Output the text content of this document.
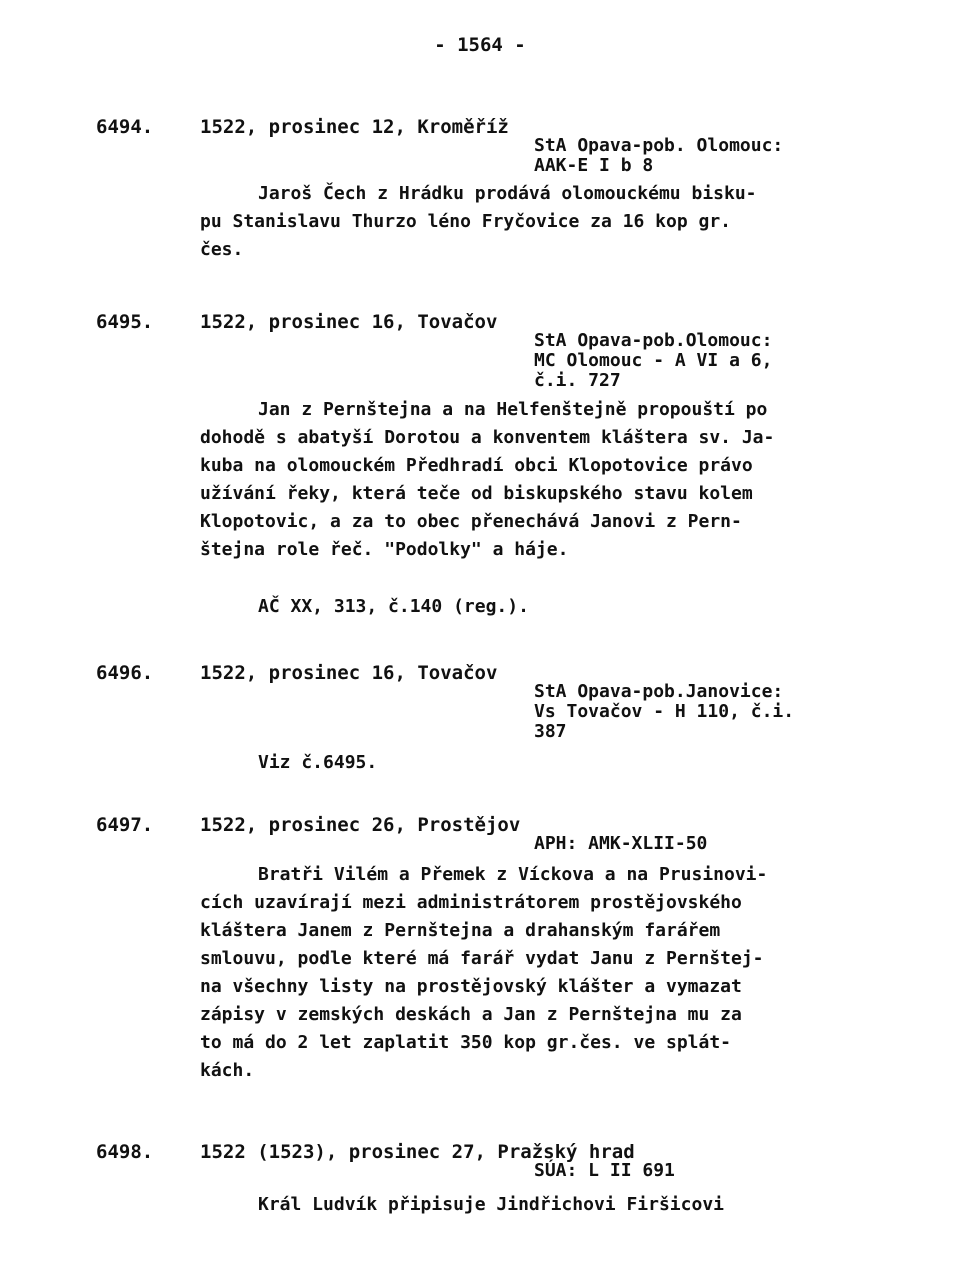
- 1564 -
6494. 1522, prosinec 12, Kroměříž
StA Opava-pob. Olomouc:
AAK-E I b 8
Jaroš Čech z Hrádku prodává olomouckému bisku-
pu Stanislavu Thurzo léno Fryčovice za 16 kop gr.
čes.
6495. 1522, prosinec 16, Tovačov
StA Opava-pob.Olomouc:
MC Olomouc - A VI a 6,
č.i. 727
Jan z Pernštejna a na Helfenštejně propouští po
dohodě s abatyší Dorotou a konventem kláštera sv. Ja-
kuba na olomouckém Předhradí obci Klopotovice právo
užívání řeky, která teče od biskupského stavu kolem
Klopotovic, a za to obec přenechává Janovi z Pern-
štejna role řeč. "Podolky" a háje.
AČ XX, 313, č.140 (reg.).
6496. 1522, prosinec 16, Tovačov
StA Opava-pob.Janovice:
Vs Tovačov - H 110, č.i.
387
Viz č.6495.
6497. 1522, prosinec 26, Prostějov
APH: AMK-XLII-50
Bratři Vilém a Přemek z Víckova a na Prusinovi-
cích uzavírají mezi administrátorem prostějovského
kláštera Janem z Pernštejna a drahanským farářem
smlouvu, podle které má farář vydat Janu z Pernštej-
na všechny listy na prostějovský klášter a vymazat
zápisy v zemských deskách a Jan z Pernštejna mu za
to má do 2 let zaplatit 350 kop gr.čes. ve splát-
kách.
6498. 1522 (1523), prosinec 27, Pražský hrad
SÚA: L II 691
Král Ludvík připisuje Jindřichovi Firšicovi
